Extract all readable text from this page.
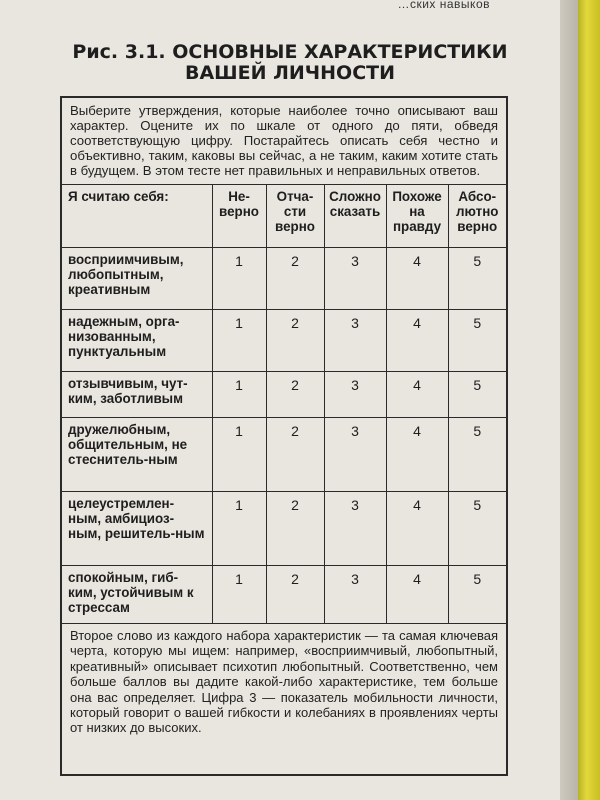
…ских навыков
Рис. 3.1. ОСНОВНЫЕ ХАРАКТЕРИСТИКИ ВАШЕЙ ЛИЧНОСТИ
Выберите утверждения, которые наиболее точно описывают ваш характер. Оцените их по шкале от одного до пяти, обведя соответствующую цифру. Постарайтесь описать себя честно и объективно, таким, каковы вы сейчас, а не таким, каким хотите стать в будущем. В этом тесте нет правильных и неправильных ответов.
Я считаю себя:	Не-верно	Отча-сти верно	Сложно сказать	Похоже на правду	Абсо-лютно верно
восприимчивым, любопытным, креативным	1	2	3	4	5
надежным, орга-низованным, пунктуальным	1	2	3	4	5
отзывчивым, чут-ким, заботливым	1	2	3	4	5
дружелюбным, общительным, не стеснитель-ным	1	2	3	4	5
целеустремлен-ным, амбициоз-ным, решитель-ным	1	2	3	4	5
спокойным, гиб-ким, устойчивым к стрессам	1	2	3	4	5
Второе слово из каждого набора характеристик — та самая ключевая черта, которую мы ищем: например, «восприимчивый, любопытный, креативный» описывает психотип любопытный. Соответственно, чем больше баллов вы дадите какой-либо характеристике, тем больше она вас определяет. Цифра 3 — показатель мобильности личности, который говорит о вашей гибкости и колебаниях в проявлениях черты от низких до высоких.
